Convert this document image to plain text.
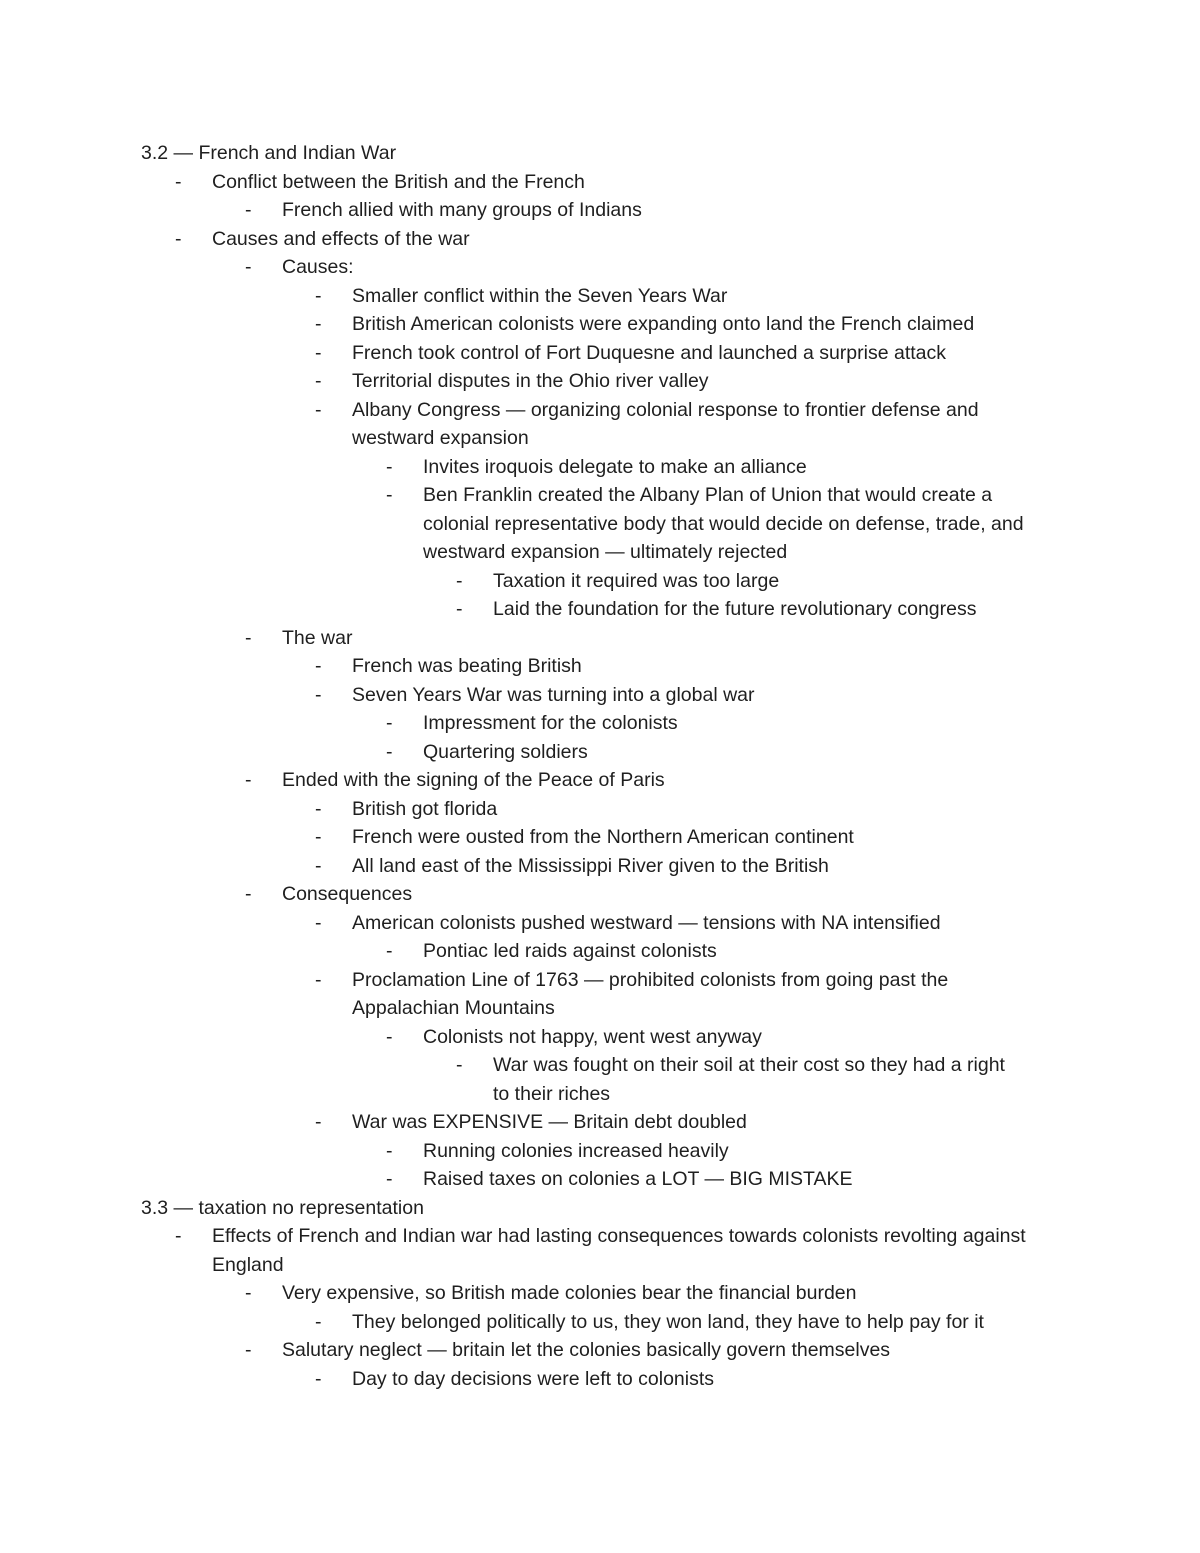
3.2 — French and Indian War
- Conflict between the British and the French
- French allied with many groups of Indians
- Causes and effects of the war
- Causes:
- Smaller conflict within the Seven Years War
- British American colonists were expanding onto land the French claimed
- French took control of Fort Duquesne and launched a surprise attack
- Territorial disputes in the Ohio river valley
- Albany Congress — organizing colonial response to frontier defense and westward expansion
- Invites iroquois delegate to make an alliance
- Ben Franklin created the Albany Plan of Union that would create a colonial representative body that would decide on defense, trade, and westward expansion — ultimately rejected
- Taxation it required was too large
- Laid the foundation for the future revolutionary congress
- The war
- French was beating British
- Seven Years War was turning into a global war
- Impressment for the colonists
- Quartering soldiers
- Ended with the signing of the Peace of Paris
- British got florida
- French were ousted from the Northern American continent
- All land east of the Mississippi River given to the British
- Consequences
- American colonists pushed westward — tensions with NA intensified
- Pontiac led raids against colonists
- Proclamation Line of 1763 — prohibited colonists from going past the Appalachian Mountains
- Colonists not happy, went west anyway
- War was fought on their soil at their cost so they had a right to their riches
- War was EXPENSIVE — Britain debt doubled
- Running colonies increased heavily
- Raised taxes on colonies a LOT — BIG MISTAKE
3.3 — taxation no representation
- Effects of French and Indian war had lasting consequences towards colonists revolting against England
- Very expensive, so British made colonies bear the financial burden
- They belonged politically to us, they won land, they have to help pay for it
- Salutary neglect — britain let the colonies basically govern themselves
- Day to day decisions were left to colonists
